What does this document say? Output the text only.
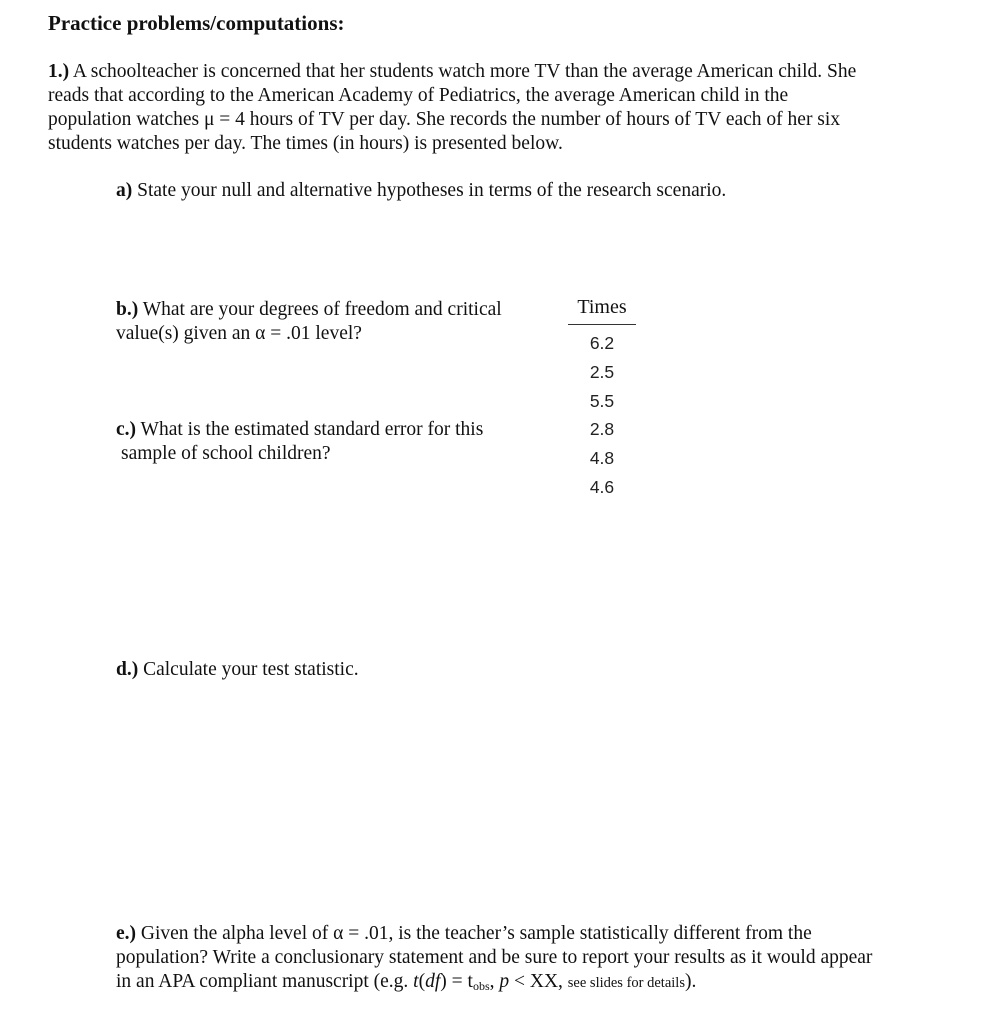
Practice problems/computations:
1.) A schoolteacher is concerned that her students watch more TV than the average American child. She
reads that according to the American Academy of Pediatrics, the average American child in the
population watches μ = 4 hours of TV per day. She records the number of hours of TV each of her six
students watches per day. The times (in hours) is presented below.
a) State your null and alternative hypotheses in terms of the research scenario.
b.) What are your degrees of freedom and critical
value(s) given an α = .01 level?
c.) What is the estimated standard error for this
sample of school children?
d.) Calculate your test statistic.
e.) Given the alpha level of α = .01, is the teacher’s sample statistically different from the
population? Write a conclusionary statement and be sure to report your results as it would appear
in an APA compliant manuscript (e.g. $t(df) = t_{obs}$, p < XX, see slides for details).
Times
6.2
2.5
5.5
2.8
4.8
4.6
